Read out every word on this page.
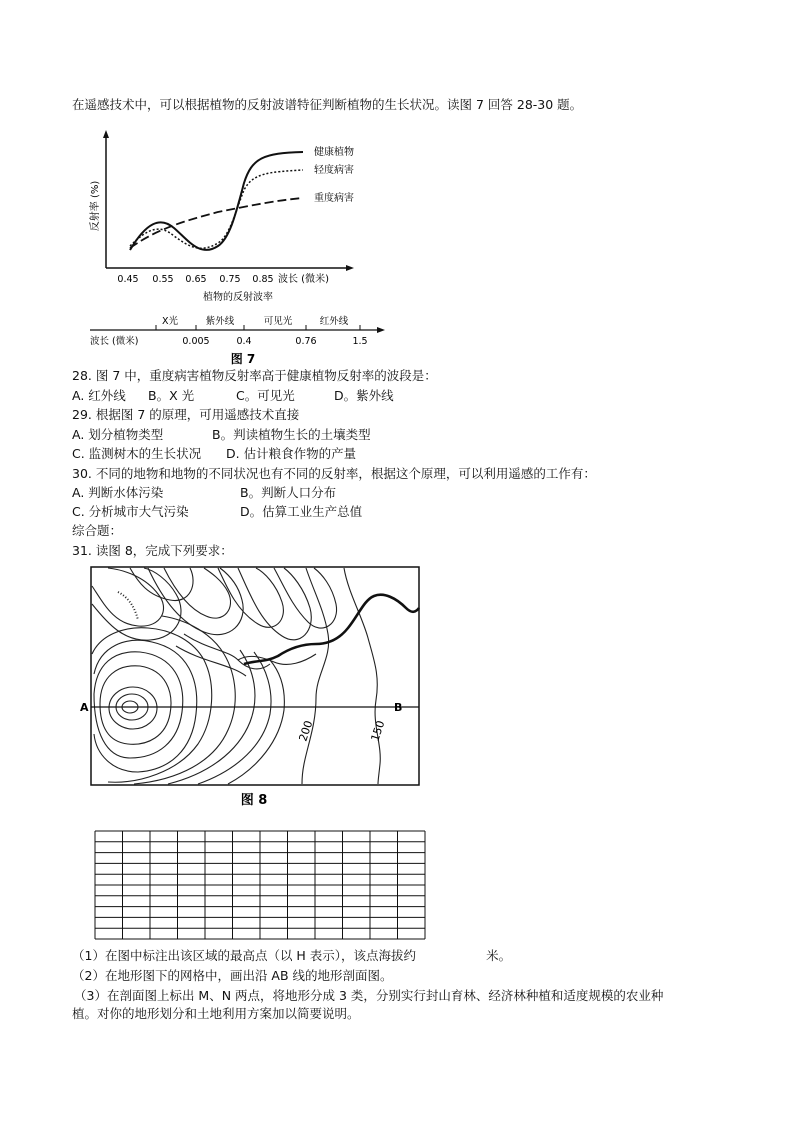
在遥感技术中，可以根据植物的反射波谱特征判断植物的生长状况。读图 7 回答 28-30 题。
反射率 (%)
健康植物
轻度病害
重度病害
0.45 0.55 0.65 0.75 0.85 波长 (微米)
植物的反射波率
X光	紫外线	可见光	红外线
波长 (微米)	0.005	0.4	0.76	1.5
图 7
28. 图 7 中，重度病害植物反射率高于健康植物反射率的波段是：
A. 红外线 B。X 光	C。可见光	D。紫外线
29. 根据图 7 的原理，可用遥感技术直接
A. 划分植物类型	B。判读植物生长的土壤类型
C. 监测树木的生长状况 D. 估计粮食作物的产量
30. 不同的地物和地物的不同状况也有不同的反射率，根据这个原理，可以利用遥感的工作有：
A. 判断水体污染	B。判断人口分布
C. 分析城市大气污染	D。估算工业生产总值
综合题：
31. 读图 8，完成下列要求：
A	B
200	150
图 8
（1）在图中标注出该区域的最高点（以 H 表示），该点海拔约	米。
（2）在地形图下的网格中，画出沿 AB 线的地形剖面图。
（3）在剖面图上标出 M、N 两点，将地形分成 3 类，分别实行封山育林、经济林种植和适度规模的农业种
植。对你的地形划分和土地利用方案加以简要说明。
